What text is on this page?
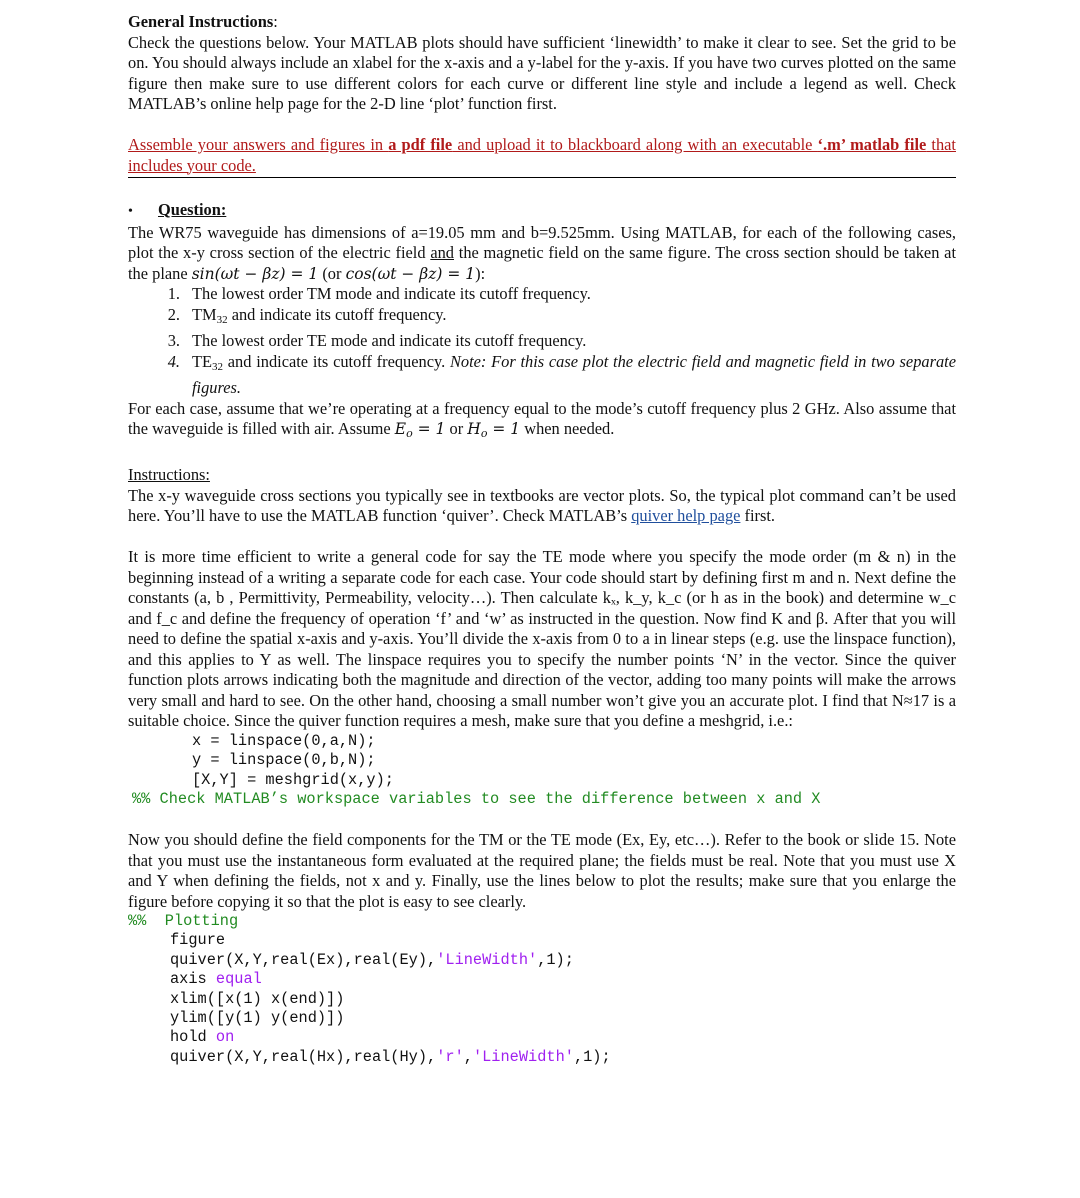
General Instructions:

Check the questions below. Your MATLAB plots should have sufficient ‘linewidth’ to make it clear to see. Set the grid to be on. You should always include an xlabel for the x-axis and a y-label for the y-axis. If you have two curves plotted on the same figure then make sure to use different colors for each curve or different line style and include a legend as well. Check MATLAB’s online help page for the 2-D line ‘plot’ function first.

Assemble your answers and figures in a pdf file and upload it to blackboard along with an executable ‘.m’ matlab file that includes your code.

•	Question:

The WR75 waveguide has dimensions of a=19.05 mm and b=9.525mm. Using MATLAB, for each of the following cases, plot the x-y cross section of the electric field and the magnetic field on the same figure. The cross section should be taken at the plane sin(ωt − βz) = 1 (or cos(ωt − βz) = 1):

1. The lowest order TM mode and indicate its cutoff frequency.
2. $TM_{32}$ and indicate its cutoff frequency.
3. The lowest order TE mode and indicate its cutoff frequency.
4. $TE_{32}$ and indicate its cutoff frequency. Note: For this case plot the electric field and magnetic field in two separate figures.

For each case, assume that we’re operating at a frequency equal to the mode’s cutoff frequency plus 2 GHz. Also assume that the waveguide is filled with air. Assume $E_o = 1$ or $H_o = 1$ when needed.

Instructions:

The x-y waveguide cross sections you typically see in textbooks are vector plots. So, the typical plot command can’t be used here. You’ll have to use the MATLAB function ‘quiver’. Check MATLAB’s quiver help page first.

It is more time efficient to write a general code for say the TE mode where you specify the mode order (m & n) in the beginning instead of a writing a separate code for each case. Your code should start by defining first m and n. Next define the constants (a, b , Permittivity, Permeability, velocity…). Then calculate kₓ, k_y, k_c (or h as in the book) and determine w_c and f_c and define the frequency of operation ‘f’ and ‘w’ as instructed in the question. Now find K and β. After that you will need to define the spatial x-axis and y-axis. You’ll divide the x-axis from 0 to a in linear steps (e.g. use the linspace function), and this applies to Y as well. The linspace requires you to specify the number points ‘N’ in the vector. Since the quiver function plots arrows indicating both the magnitude and direction of the vector, adding too many points will make the arrows very small and hard to see. On the other hand, choosing a small number won’t give you an accurate plot. I find that N≈17 is a suitable choice. Since the quiver function requires a mesh, make sure that you define a meshgrid, i.e.:

x = linspace(0,a,N);
y = linspace(0,b,N);
[X,Y] = meshgrid(x,y);
%% Check MATLAB’s workspace variables to see the difference between x and X

Now you should define the field components for the TM or the TE mode (Ex, Ey, etc…). Refer to the book or slide 15. Note that you must use the instantaneous form evaluated at the required plane; the fields must be real. Note that you must use X and Y when defining the fields, not x and y. Finally, use the lines below to plot the results; make sure that you enlarge the figure before copying it so that the plot is easy to see clearly.

%% Plotting
figure
quiver(X,Y,real(Ex),real(Ey),'LineWidth',1);
axis equal
xlim([x(1) x(end)])
ylim([y(1) y(end)])
hold on
quiver(X,Y,real(Hx),real(Hy),'r','LineWidth',1);
